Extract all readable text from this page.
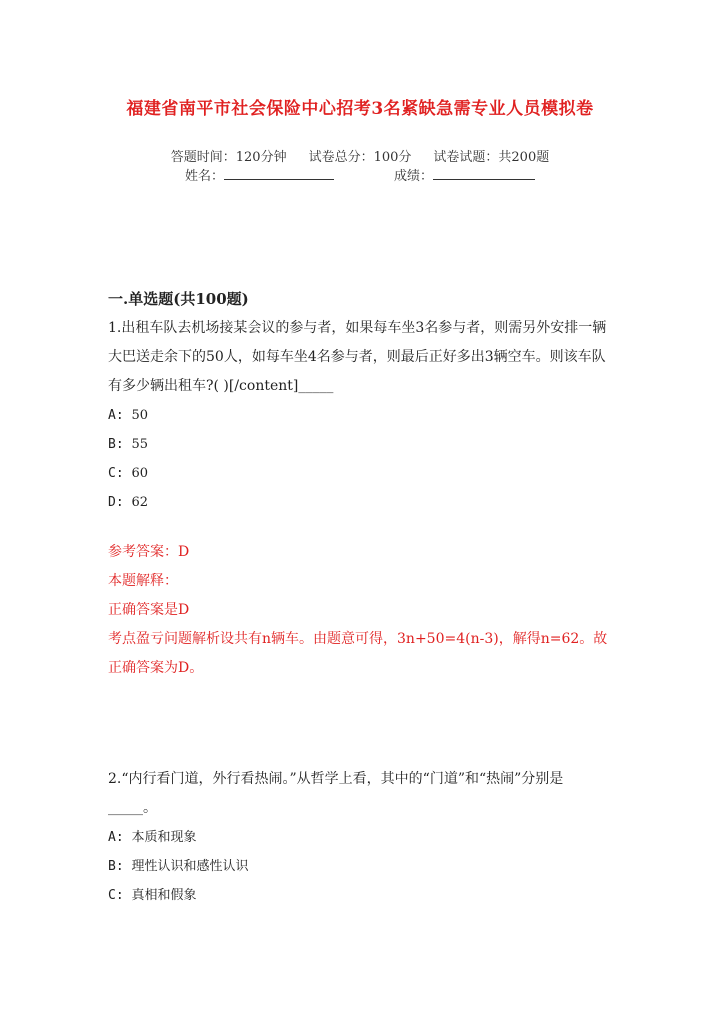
福建省南平市社会保险中心招考3名紧缺急需专业人员模拟卷
答题时间：120分钟 试卷总分：100分 试卷试题：共200题
姓名：	成绩：
一.单选题(共100题)

1.出租车队去机场接某会议的参与者，如果每车坐3名参与者，则需另外安排一辆大巴送走余下的50人，如每车坐4名参与者，则最后正好多出3辆空车。则该车队有多少辆出租车?( )[/content]_____

A: 50

B: 55

C: 60

D: 62

参考答案：D

本题解释：

正确答案是D

考点盈亏问题解析设共有n辆车。由题意可得，3n+50=4(n-3)，解得n=62。故正确答案为D。

2.“内行看门道，外行看热闹。”从哲学上看，其中的“门道”和“热闹”分别是_____。

A: 本质和现象

B: 理性认识和感性认识

C: 真相和假象
